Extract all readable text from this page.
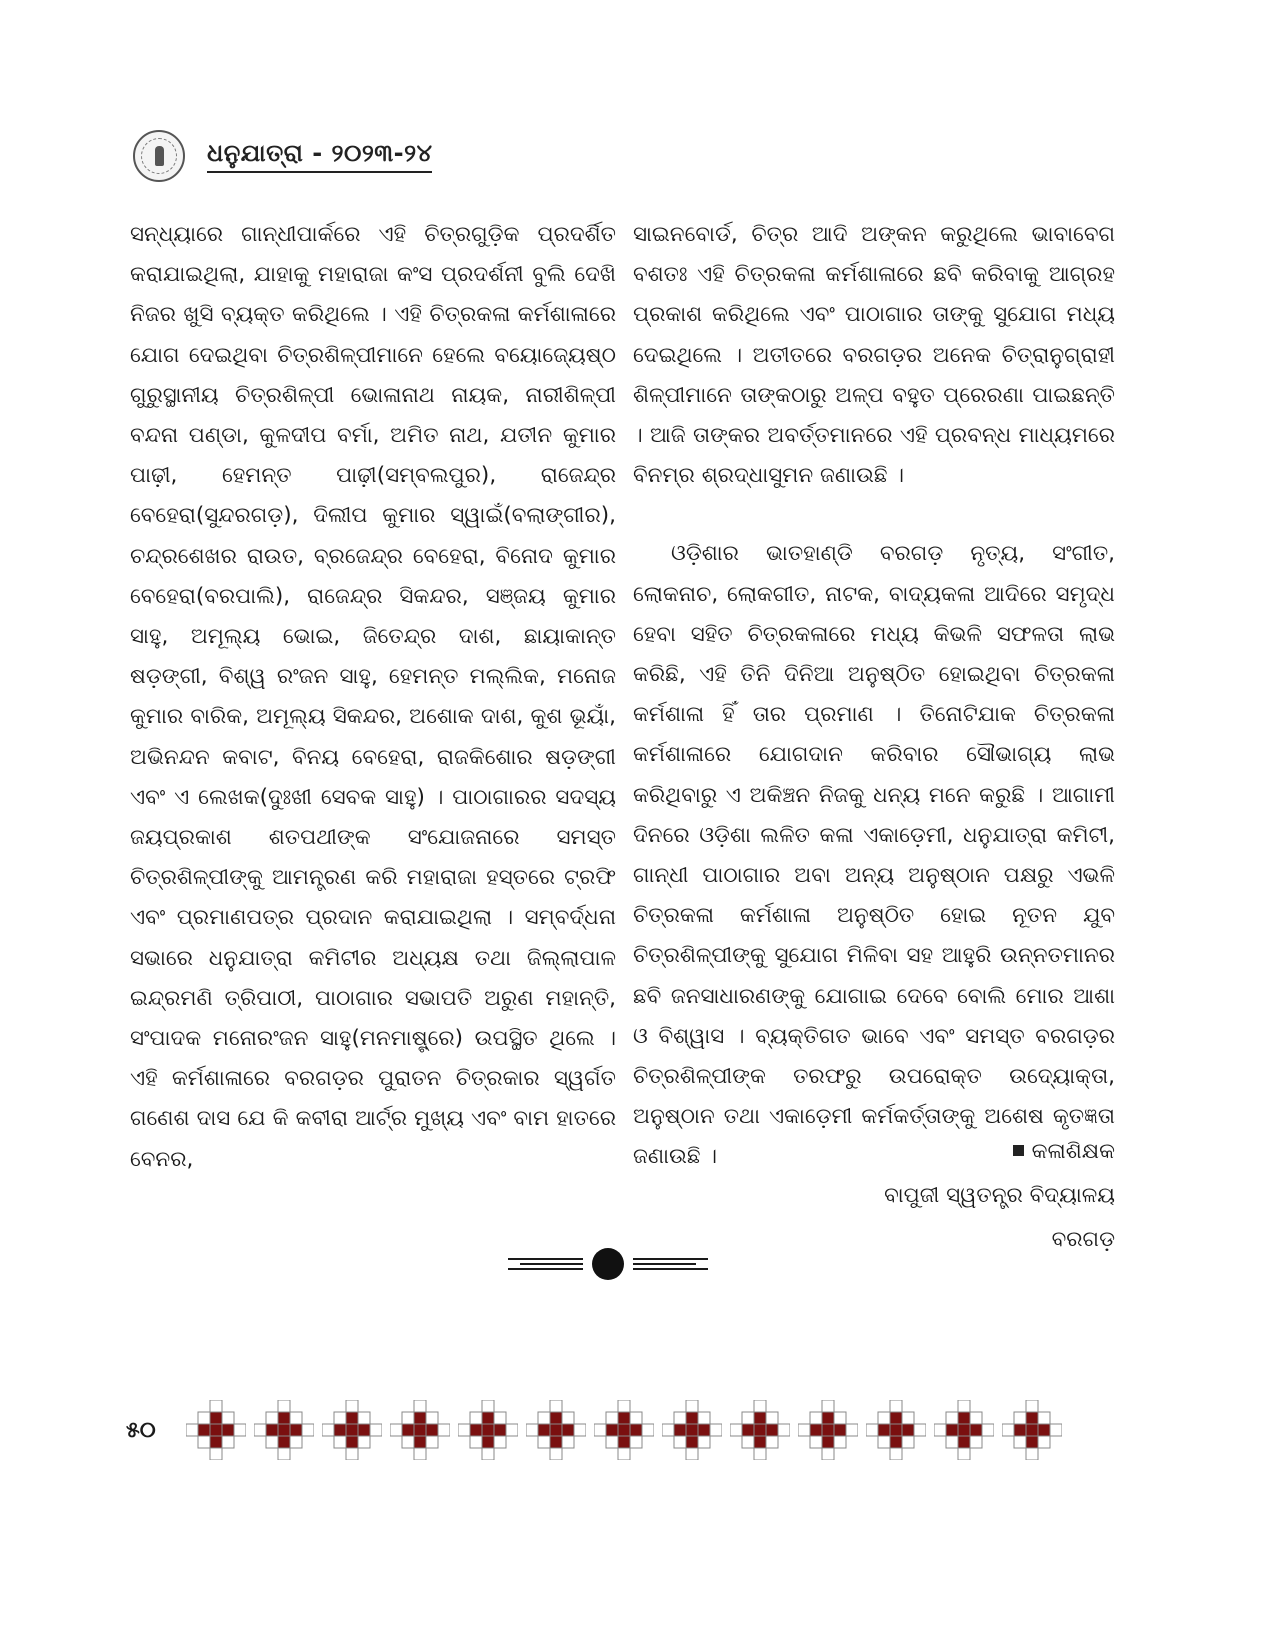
ଧନୁଯାତ୍ରା - ୨୦୨୩-୨୪

ସନ୍ଧ୍ୟାରେ ଗାନ୍ଧୀପାର୍କରେ ଏହି ଚିତ୍ରଗୁଡ଼ିକ ପ୍ରଦର୍ଶିତ କରାଯାଇଥିଲା, ଯାହାକୁ ମହାରାଜା କଂସ ପ୍ରଦର୍ଶନୀ ବୁଲି ଦେଖି ନିଜର ଖୁସି ବ୍ୟକ୍ତ କରିଥିଲେ । ଏହି ଚିତ୍ରକଳା କର୍ମଶାଳାରେ ଯୋଗ ଦେଇଥିବା ଚିତ୍ରଶିଳ୍ପୀମାନେ ହେଲେ ବୟୋଜ୍ୟେଷ୍ଠ ଗୁରୁସ୍ଥାନୀୟ ଚିତ୍ରଶିଳ୍ପୀ ଭୋଳାନାଥ ନାୟକ, ନାରୀଶିଳ୍ପୀ ବନ୍ଦନା ପଣ୍ଡା, କୁଳଦୀପ ବର୍ମା, ଅମିତ ନାଥ, ଯତୀନ କୁମାର ପାଢ଼ୀ, ହେମନ୍ତ ପାଢ଼ୀ(ସମ୍ବଲପୁର), ରାଜେନ୍ଦ୍ର ବେହେରା(ସୁନ୍ଦରଗଡ଼), ଦିଲୀପ କୁମାର ସ୍ୱାଇଁ(ବଲାଙ୍ଗୀର), ଚନ୍ଦ୍ରଶେଖର ରାଉତ, ବ୍ରଜେନ୍ଦ୍ର ବେହେରା, ବିନୋଦ କୁମାର ବେହେରା(ବରପାଲି), ରାଜେନ୍ଦ୍ର ସିକନ୍ଦର, ସଞ୍ଜୟ କୁମାର ସାହୁ, ଅମୂଲ୍ୟ ଭୋଇ, ଜିତେନ୍ଦ୍ର ଦାଶ, ଛାୟାକାନ୍ତ ଷଡ଼ଙ୍ଗୀ, ବିଶ୍ୱ ରଂଜନ ସାହୁ, ହେମନ୍ତ ମଲ୍ଲିକ, ମନୋଜ କୁମାର ବାରିକ, ଅମୂଲ୍ୟ ସିକନ୍ଦର, ଅଶୋକ ଦାଶ, କୁଶ ଭୂୟାଁ, ଅଭିନନ୍ଦନ କବାଟ, ବିନୟ ବେହେରା, ରାଜକିଶୋର ଷଡ଼ଙ୍ଗୀ ଏବଂ ଏ ଲେଖକ(ଦୁଃଖୀ ସେବକ ସାହୁ) । ପାଠାଗାରର ସଦସ୍ୟ ଜୟପ୍ରକାଶ ଶତପଥୀଙ୍କ ସଂଯୋଜନାରେ ସମସ୍ତ ଚିତ୍ରଶିଳ୍ପୀଙ୍କୁ ଆମନ୍ତ୍ରଣ କରି ମହାରାଜା ହସ୍ତରେ ଟ୍ରଫି ଏବଂ ପ୍ରମାଣପତ୍ର ପ୍ରଦାନ କରାଯାଇଥିଲା । ସମ୍ବର୍ଦ୍ଧନା ସଭାରେ ଧନୁଯାତ୍ରା କମିଟୀର ଅଧ୍ୟକ୍ଷ ତଥା ଜିଲ୍ଲାପାଳ ଇନ୍ଦ୍ରମଣି ତ୍ରିପାଠୀ, ପାଠାଗାର ସଭାପତି ଅରୁଣ ମହାନ୍ତି, ସଂପାଦକ ମନୋରଂଜନ ସାହୁ(ମନମାଷ୍ଟ୍ରେ) ଉପସ୍ଥିତ ଥିଲେ । ଏହି କର୍ମଶାଳାରେ ବରଗଡ଼ର ପୁରାତନ ଚିତ୍ରକାର ସ୍ୱର୍ଗତ ଗଣେଶ ଦାସ ଯେ କି କବୀରା ଆର୍ଟ୍‌ର ମୁଖ୍ୟ ଏବଂ ବାମ ହାତରେ ବେନର,

ସାଇନବୋର୍ଡ, ଚିତ୍ର ଆଦି ଅଙ୍କନ କରୁଥିଲେ ଭାବାବେଗ ବଶତଃ ଏହି ଚିତ୍ରକଳା କର୍ମଶାଳାରେ ଛବି କରିବାକୁ ଆଗ୍ରହ ପ୍ରକାଶ କରିଥିଲେ ଏବଂ ପାଠାଗାର ତାଙ୍କୁ ସୁଯୋଗ ମଧ୍ୟ ଦେଇଥିଲେ । ଅତୀତରେ ବରଗଡ଼ର ଅନେକ ଚିତ୍ରାନୁଗ୍ରାହୀ ଶିଳ୍ପୀମାନେ ତାଙ୍କଠାରୁ ଅଳ୍ପ ବହୁତ ପ୍ରେରଣା ପାଇଛନ୍ତି । ଆଜି ତାଙ୍କର ଅବର୍ତ୍ତମାନରେ ଏହି ପ୍ରବନ୍ଧ ମାଧ୍ୟମରେ ବିନମ୍ର ଶ୍ରଦ୍ଧାସୁମନ ଜଣାଉଛି ।

ଓଡ଼ିଶାର ଭାତହାଣ୍ଡି ବରଗଡ଼ ନୃତ୍ୟ, ସଂଗୀତ, ଲୋକନାଚ, ଲୋକଗୀତ, ନାଟକ, ବାଦ୍ୟକଳା ଆଦିରେ ସମୃଦ୍ଧ ହେବା ସହିତ ଚିତ୍ରକଳାରେ ମଧ୍ୟ କିଭଳି ସଫଳତା ଲାଭ କରିଛି, ଏହି ତିନି ଦିନିଆ ଅନୁଷ୍ଠିତ ହୋଇଥିବା ଚିତ୍ରକଳା କର୍ମଶାଳା ହିଁ ତାର ପ୍ରମାଣ । ତିନୋଟିଯାକ ଚିତ୍ରକଳା କର୍ମଶାଳାରେ ଯୋଗଦାନ କରିବାର ସୌଭାଗ୍ୟ ଲାଭ କରିଥିବାରୁ ଏ ଅକିଞ୍ଚନ ନିଜକୁ ଧନ୍ୟ ମନେ କରୁଛି । ଆଗାମୀ ଦିନରେ ଓଡ଼ିଶା ଲଳିତ କଳା ଏକାଡ଼େମୀ, ଧନୁଯାତ୍ରା କମିଟୀ, ଗାନ୍ଧୀ ପାଠାଗାର ଅବା ଅନ୍ୟ ଅନୁଷ୍ଠାନ ପକ୍ଷରୁ ଏଭଳି ଚିତ୍ରକଳା କର୍ମଶାଳା ଅନୁଷ୍ଠିତ ହୋଇ ନୂତନ ଯୁବ ଚିତ୍ରଶିଳ୍ପୀଙ୍କୁ ସୁଯୋଗ ମିଳିବା ସହ ଆହୁରି ଉନ୍ନତମାନର ଛବି ଜନସାଧାରଣଙ୍କୁ ଯୋଗାଇ ଦେବେ ବୋଲି ମୋର ଆଶା ଓ ବିଶ୍ୱାସ । ବ୍ୟକ୍ତିଗତ ଭାବେ ଏବଂ ସମସ୍ତ ବରଗଡ଼ର ଚିତ୍ରଶିଳ୍ପୀଙ୍କ ତରଫରୁ ଉପରୋକ୍ତ ଉଦ୍ୟୋକ୍ତା, ଅନୁଷ୍ଠାନ ତଥା ଏକାଡ଼େମୀ କର୍ମକର୍ତ୍ତାଙ୍କୁ ଅଶେଷ କୃତଜ୍ଞତା ଜଣାଉଛି ।	କଳାଶିକ୍ଷକ
ବାପୁଜୀ ସ୍ୱତନ୍ତ୍ର ବିଦ୍ୟାଳୟ
ବରଗଡ଼
୫୦
